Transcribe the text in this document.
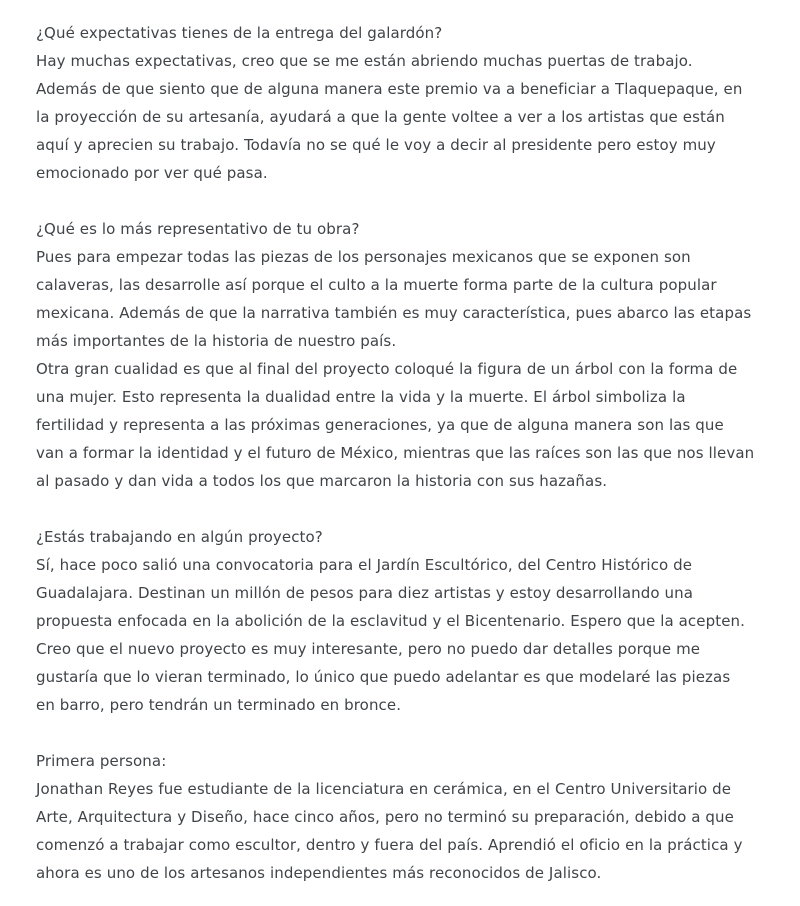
¿Qué expectativas tienes de la entrega del galardón?
Hay muchas expectativas, creo que se me están abriendo muchas puertas de trabajo.
Además de que siento que de alguna manera este premio va a beneficiar a Tlaquepaque, en
la proyección de su artesanía, ayudará a que la gente voltee a ver a los artistas que están
aquí y aprecien su trabajo. Todavía no se qué le voy a decir al presidente pero estoy muy
emocionado por ver qué pasa.
¿Qué es lo más representativo de tu obra?
Pues para empezar todas las piezas de los personajes mexicanos que se exponen son
calaveras, las desarrolle así porque el culto a la muerte forma parte de la cultura popular
mexicana. Además de que la narrativa también es muy característica, pues abarco las etapas
más importantes de la historia de nuestro país.
Otra gran cualidad es que al final del proyecto coloqué la figura de un árbol con la forma de
una mujer. Esto representa la dualidad entre la vida y la muerte. El árbol simboliza la
fertilidad y representa a las próximas generaciones, ya que de alguna manera son las que
van a formar la identidad y el futuro de México, mientras que las raíces son las que nos llevan
al pasado y dan vida a todos los que marcaron la historia con sus hazañas.
¿Estás trabajando en algún proyecto?
Sí, hace poco salió una convocatoria para el Jardín Escultórico, del Centro Histórico de
Guadalajara. Destinan un millón de pesos para diez artistas y estoy desarrollando una
propuesta enfocada en la abolición de la esclavitud y el Bicentenario. Espero que la acepten.
Creo que el nuevo proyecto es muy interesante, pero no puedo dar detalles porque me
gustaría que lo vieran terminado, lo único que puedo adelantar es que modelaré las piezas
en barro, pero tendrán un terminado en bronce.
Primera persona:
Jonathan Reyes fue estudiante de la licenciatura en cerámica, en el Centro Universitario de
Arte, Arquitectura y Diseño, hace cinco años, pero no terminó su preparación, debido a que
comenzó a trabajar como escultor, dentro y fuera del país. Aprendió el oficio en la práctica y
ahora es uno de los artesanos independientes más reconocidos de Jalisco.
